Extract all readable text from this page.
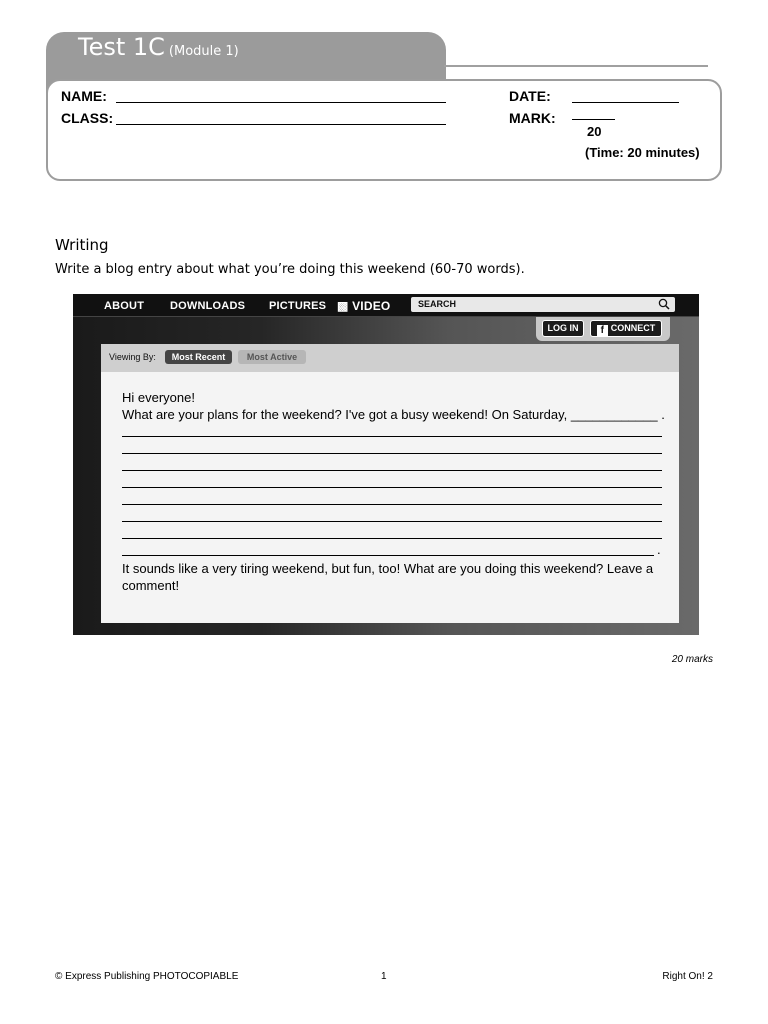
Test 1C (Module 1)
NAME:
CLASS:
DATE:
MARK:
20
(Time: 20 minutes)
Writing
Write a blog entry about what you’re doing this weekend (60-70 words).
ABOUT DOWNLOADS PICTURES ▩ VIDEO	SEARCH
LOG IN	f CONNECT
Viewing By:	Most Recent	Most Active
Hi everyone!
What are your plans for the weekend? I've got a busy weekend! On Saturday, ____________ .
.
It sounds like a very tiring weekend, but fun, too! What are you doing this weekend? Leave a
comment!
20 marks
© Express Publishing PHOTOCOPIABLE	1	Right On! 2
